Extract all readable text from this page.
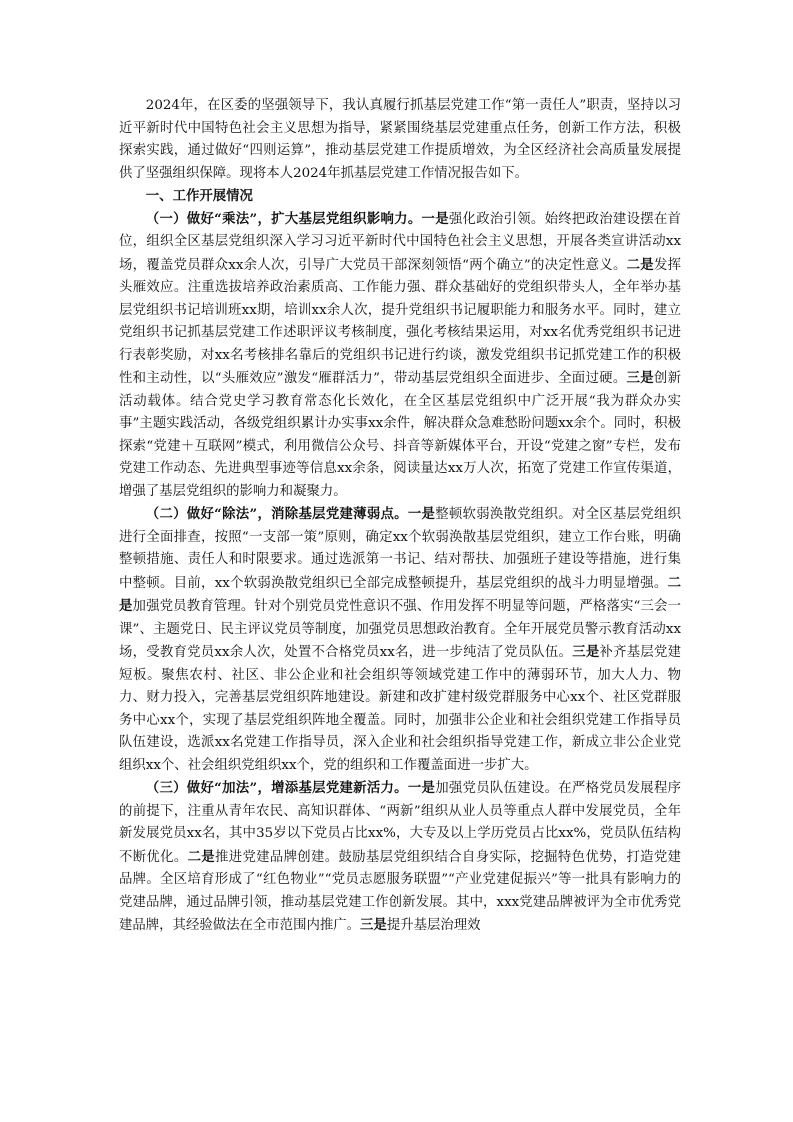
2024年，在区委的坚强领导下，我认真履行抓基层党建工作“第一责任人”职责，坚持以习近平新时代中国特色社会主义思想为指导，紧紧围绕基层党建重点任务，创新工作方法，积极探索实践，通过做好“四则运算”，推动基层党建工作提质增效，为全区经济社会高质量发展提供了坚强组织保障。现将本人2024年抓基层党建工作情况报告如下。

一、工作开展情况

（一）做好“乘法”，扩大基层党组织影响力。一是强化政治引领。始终把政治建设摆在首位，组织全区基层党组织深入学习习近平新时代中国特色社会主义思想，开展各类宣讲活动xx场，覆盖党员群众xx余人次，引导广大党员干部深刻领悟“两个确立”的决定性意义。二是发挥头雁效应。注重选拔培养政治素质高、工作能力强、群众基础好的党组织带头人，全年举办基层党组织书记培训班xx期，培训xx余人次，提升党组织书记履职能力和服务水平。同时，建立党组织书记抓基层党建工作述职评议考核制度，强化考核结果运用，对xx名优秀党组织书记进行表彰奖励，对xx名考核排名靠后的党组织书记进行约谈，激发党组织书记抓党建工作的积极性和主动性，以“头雁效应”激发“雁群活力”，带动基层党组织全面进步、全面过硬。三是创新活动载体。结合党史学习教育常态化长效化，在全区基层党组织中广泛开展“我为群众办实事”主题实践活动，各级党组织累计办实事xx余件，解决群众急难愁盼问题xx余个。同时，积极探索“党建＋互联网”模式，利用微信公众号、抖音等新媒体平台，开设“党建之窗”专栏，发布党建工作动态、先进典型事迹等信息xx余条，阅读量达xx万人次，拓宽了党建工作宣传渠道，增强了基层党组织的影响力和凝聚力。

（二）做好“除法”，消除基层党建薄弱点。一是整顿软弱涣散党组织。对全区基层党组织进行全面排查，按照“一支部一策”原则，确定xx个软弱涣散基层党组织，建立工作台账，明确整顿措施、责任人和时限要求。通过选派第一书记、结对帮扶、加强班子建设等措施，进行集中整顿。目前，xx个软弱涣散党组织已全部完成整顿提升，基层党组织的战斗力明显增强。二是加强党员教育管理。针对个别党员党性意识不强、作用发挥不明显等问题，严格落实“三会一课”、主题党日、民主评议党员等制度，加强党员思想政治教育。全年开展党员警示教育活动xx场，受教育党员xx余人次，处置不合格党员xx名，进一步纯洁了党员队伍。三是补齐基层党建短板。聚焦农村、社区、非公企业和社会组织等领域党建工作中的薄弱环节，加大人力、物力、财力投入，完善基层党组织阵地建设。新建和改扩建村级党群服务中心xx个、社区党群服务中心xx个，实现了基层党组织阵地全覆盖。同时，加强非公企业和社会组织党建工作指导员队伍建设，选派xx名党建工作指导员，深入企业和社会组织指导党建工作，新成立非公企业党组织xx个、社会组织党组织xx个，党的组织和工作覆盖面进一步扩大。

（三）做好“加法”，增添基层党建新活力。一是加强党员队伍建设。在严格党员发展程序的前提下，注重从青年农民、高知识群体、“两新”组织从业人员等重点人群中发展党员，全年新发展党员xx名，其中35岁以下党员占比xx%，大专及以上学历党员占比xx%，党员队伍结构不断优化。二是推进党建品牌创建。鼓励基层党组织结合自身实际，挖掘特色优势，打造党建品牌。全区培育形成了“红色物业”“党员志愿服务联盟”“产业党建促振兴”等一批具有影响力的党建品牌，通过品牌引领，推动基层党建工作创新发展。其中，xxx党建品牌被评为全市优秀党建品牌，其经验做法在全市范围内推广。三是提升基层治理效
